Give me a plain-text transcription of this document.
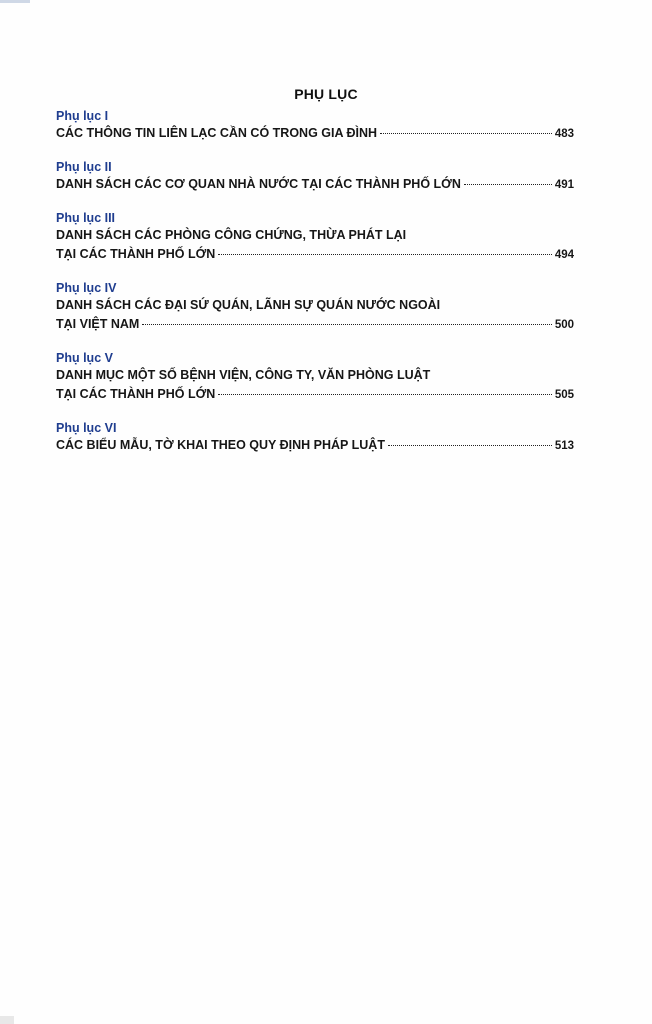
PHỤ LỤC
Phụ lục I
CÁC THÔNG TIN LIÊN LẠC CẦN CÓ TRONG GIA ĐÌNH	483
Phụ lục II
DANH SÁCH CÁC CƠ QUAN NHÀ NƯỚC TẠI CÁC THÀNH PHỐ LỚN	491
Phụ lục III
DANH SÁCH CÁC PHÒNG CÔNG CHỨNG, THỪA PHÁT LẠI
TẠI CÁC THÀNH PHỐ LỚN	494
Phụ lục IV
DANH SÁCH CÁC ĐẠI SỨ QUÁN, LÃNH SỰ QUÁN NƯỚC NGOÀI
TẠI VIỆT NAM	500
Phụ lục V
DANH MỤC MỘT SỐ BỆNH VIỆN, CÔNG TY, VĂN PHÒNG LUẬT
TẠI CÁC THÀNH PHỐ LỚN	505
Phụ lục VI
CÁC BIỂU MẪU, TỜ KHAI THEO QUY ĐỊNH PHÁP LUẬT	513
